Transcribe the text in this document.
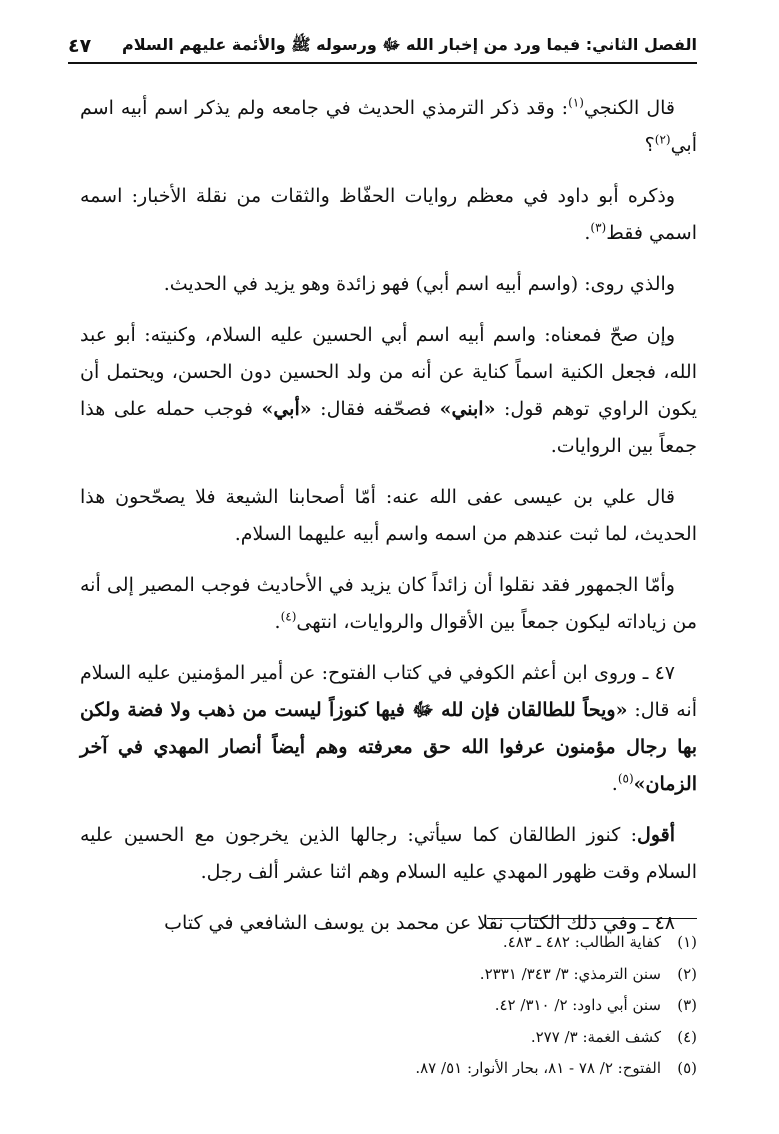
الفصل الثاني: فيما ورد من إخبار الله ﷻ ورسوله ﷺ والأئمة عليهم السلام
٤٧

قال الكنجي$^{(١)}$: وقد ذكر الترمذي الحديث في جامعه ولم يذكر اسم أبيه اسم أبي$^{(٢)}$؟

وذكره أبو داود في معظم روايات الحفّاظ والثقات من نقلة الأخبار: اسمه اسمي فقط$^{(٣)}$.

والذي روى: (واسم أبيه اسم أبي) فهو زائدة وهو يزيد في الحديث.

وإن صحّ فمعناه: واسم أبيه اسم أبي الحسين عليه السلام، وكنيته: أبو عبد الله، فجعل الكنية اسماً كناية عن أنه من ولد الحسين دون الحسن، ويحتمل أن يكون الراوي توهم قول: «ابني» فصحّفه فقال: «أبي» فوجب حمله على هذا جمعاً بين الروايات.

قال علي بن عيسى عفى الله عنه: أمّا أصحابنا الشيعة فلا يصحّحون هذا الحديث، لما ثبت عندهم من اسمه واسم أبيه عليهما السلام.

وأمّا الجمهور فقد نقلوا أن زائداً كان يزيد في الأحاديث فوجب المصير إلى أنه من زياداته ليكون جمعاً بين الأقوال والروايات، انتهى$^{(٤)}$.

٤٧ ـ وروى ابن أعثم الكوفي في كتاب الفتوح: عن أمير المؤمنين عليه السلام أنه قال: «ويحاً للطالقان فإن لله ﷻ فيها كنوزاً ليست من ذهب ولا فضة ولكن بها رجال مؤمنون عرفوا الله حق معرفته وهم أيضاً أنصار المهدي في آخر الزمان»$^{(٥)}$.

أقول: كنوز الطالقان كما سيأتي: رجالها الذين يخرجون مع الحسين عليه السلام وقت ظهور المهدي عليه السلام وهم اثنا عشر ألف رجل.

٤٨ ـ وفي ذلك الكتاب نقلا عن محمد بن يوسف الشافعي في كتاب

(١)
كفاية الطالب: ٤٨٢ ـ ٤٨٣.
(٢)
سنن الترمذي: ٣/ ٣٤٣/ ٢٣٣١.
(٣)
سنن أبي داود: ٢/ ٣١٠/ ٤٢.
(٤)
كشف الغمة: ٣/ ٢٧٧.
(٥)
الفتوح: ٢/ ٧٨ - ٨١، بحار الأنوار: ٥١/ ٨٧.
